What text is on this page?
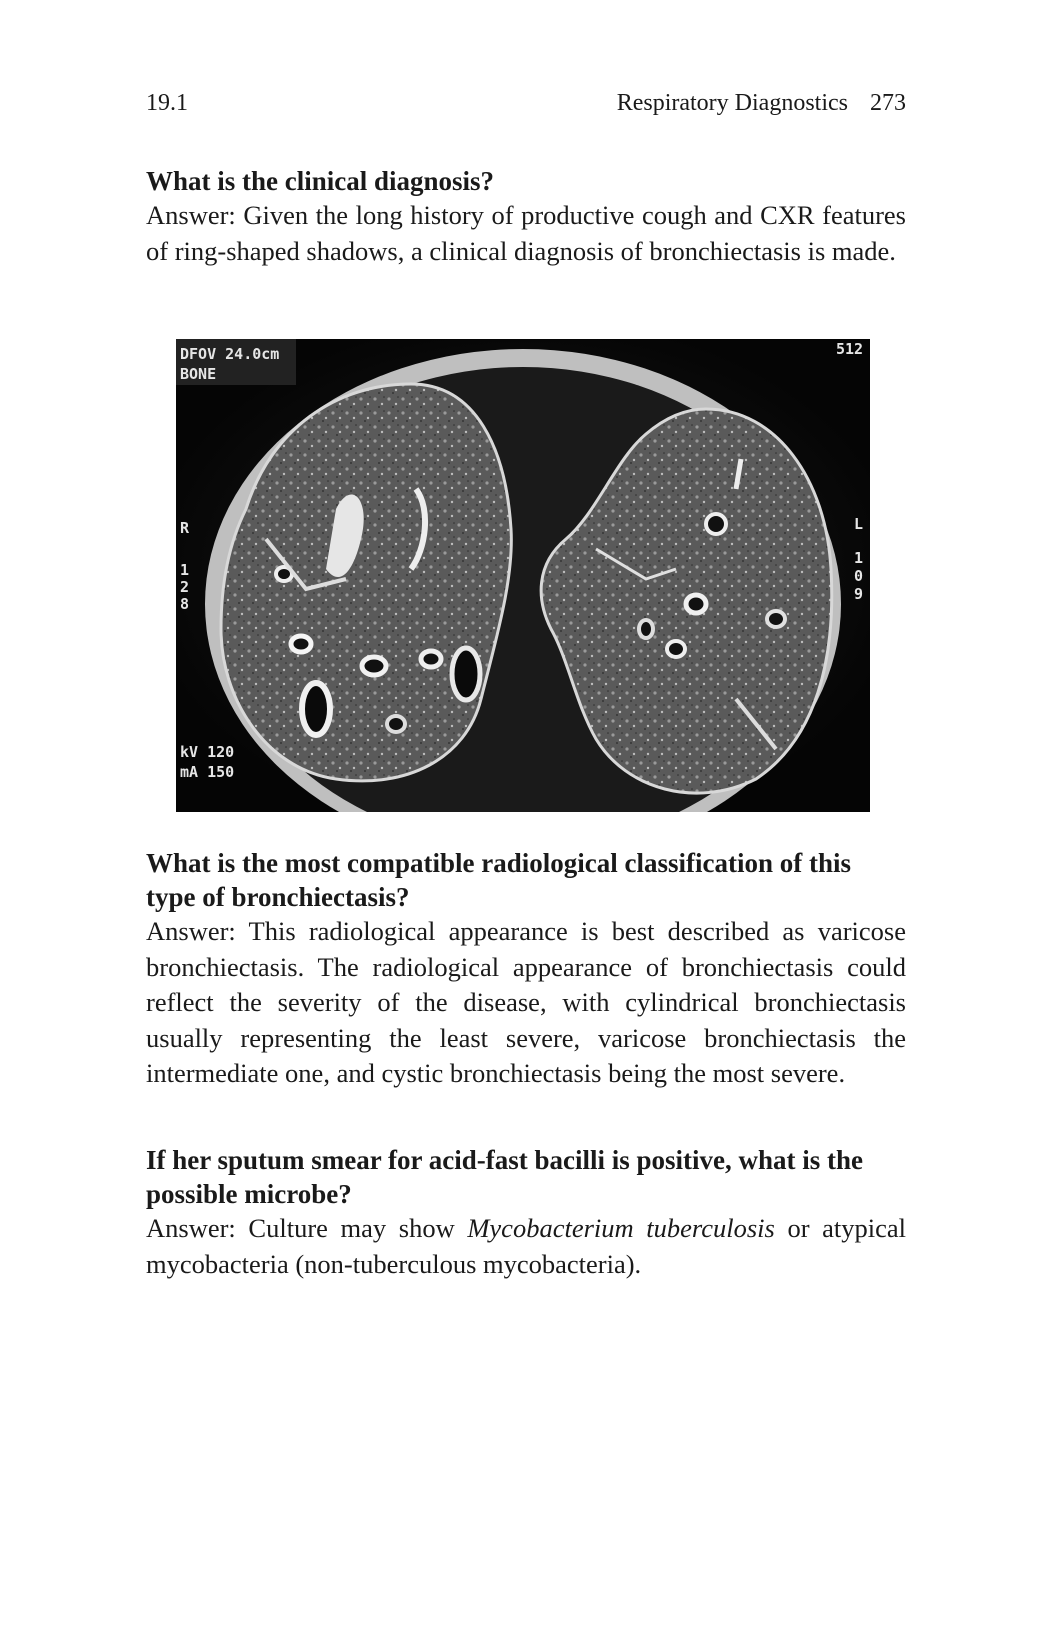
19.1	Respiratory Diagnostics 273

What is the clinical diagnosis?

Answer: Given the long history of productive cough and CXR features of ring-shaped shadows, a clinical diagnosis of bronchiectasis is made.

DFOV 24.0cm
BONE
512
R
1
2
8
L
1
0
9
kV 120
mA 150

What is the most compatible radiological classification of this type of bronchiectasis?

Answer: This radiological appearance is best described as varicose bronchiectasis. The radiological appearance of bronchiectasis could reflect the severity of the disease, with cylindrical bronchiectasis usually representing the least severe, varicose bronchiectasis the intermediate one, and cystic bronchiectasis being the most severe.

If her sputum smear for acid-fast bacilli is positive, what is the possible microbe?

Answer: Culture may show Mycobacterium tuberculosis or atypical mycobacteria (non-tuberculous mycobacteria).
